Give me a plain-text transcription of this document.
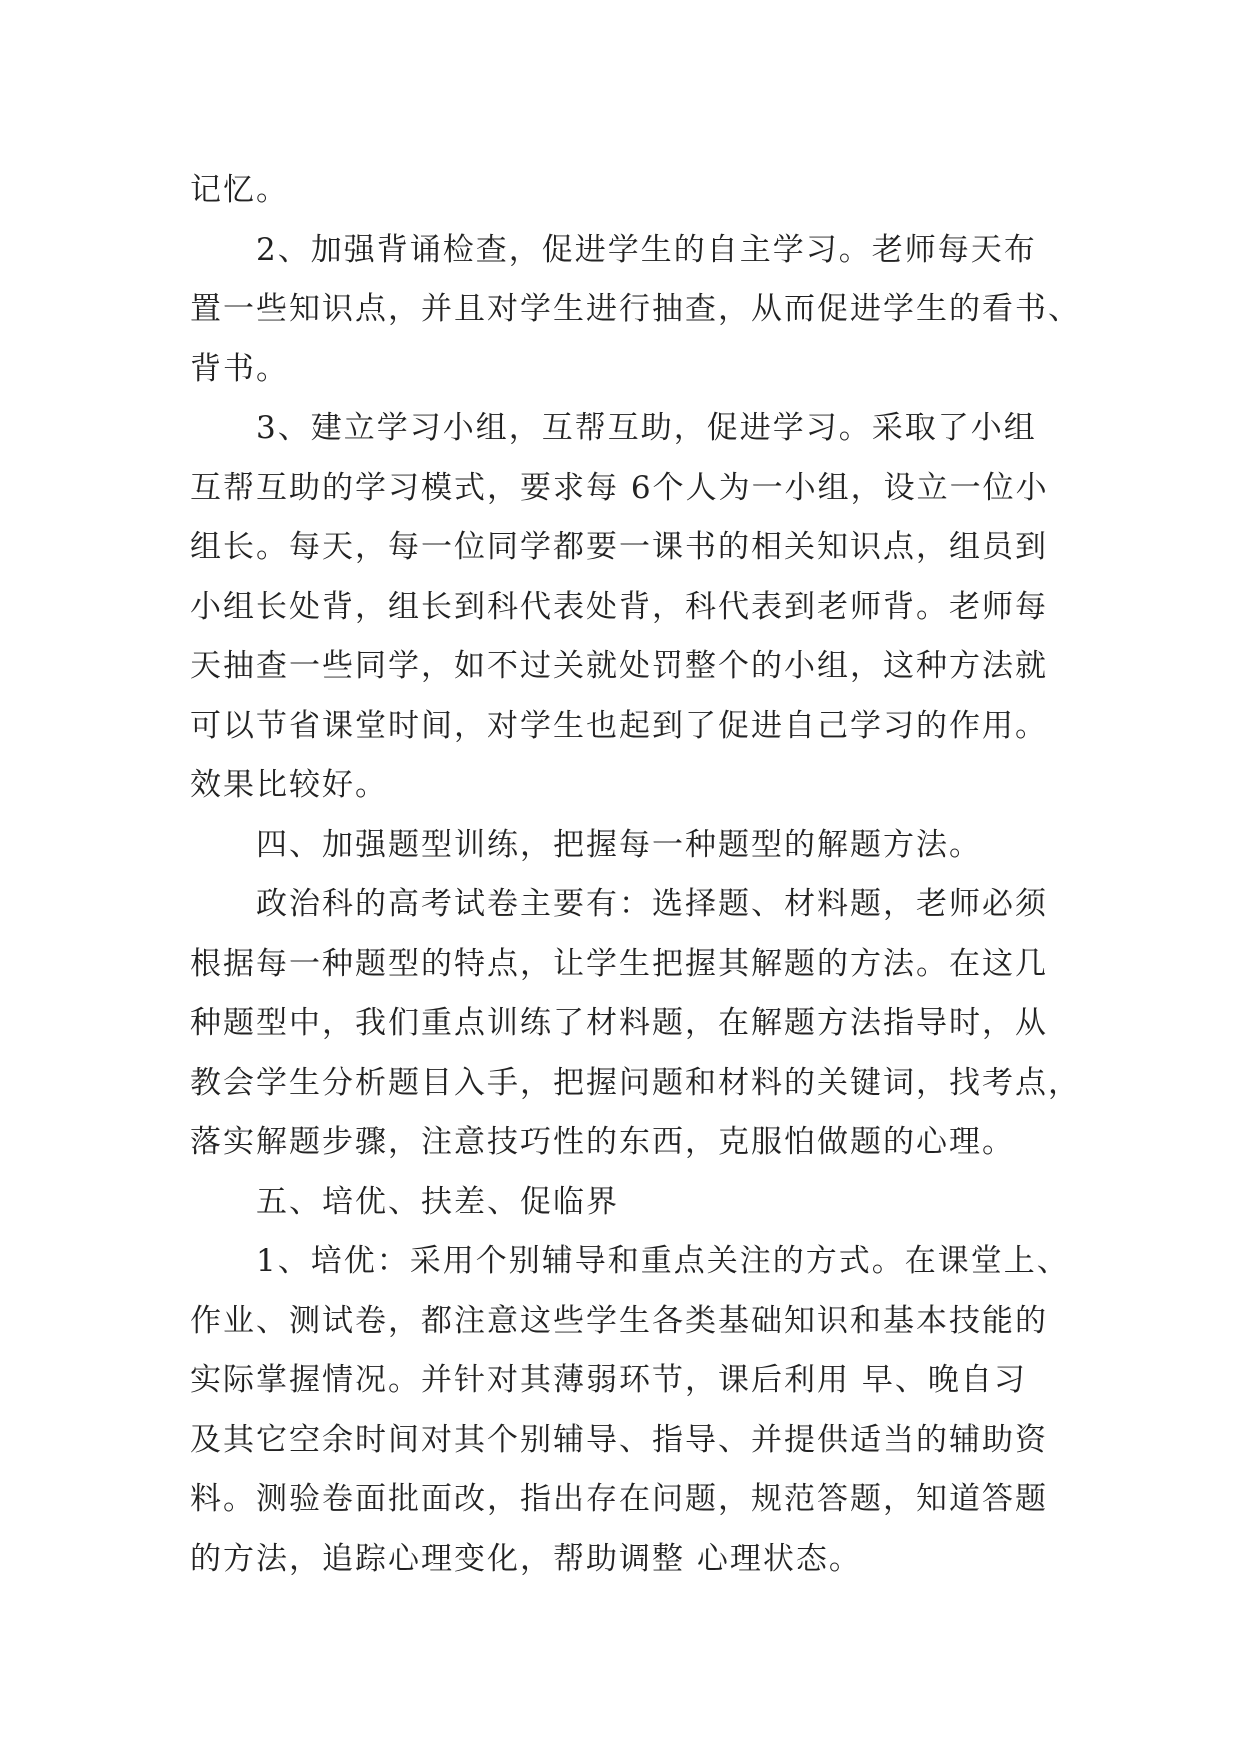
记忆。
2、加强背诵检查，促进学生的自主学习。老师每天布
置一些知识点，并且对学生进行抽查，从而促进学生的看书、
背书。
3、建立学习小组，互帮互助，促进学习。采取了小组
互帮互助的学习模式，要求每 6个人为一小组，设立一位小
组长。每天，每一位同学都要一课书的相关知识点，组员到
小组长处背，组长到科代表处背，科代表到老师背。老师每
天抽查一些同学，如不过关就处罚整个的小组，这种方法就
可以节省课堂时间，对学生也起到了促进自己学习的作用。
效果比较好。
四、加强题型训练，把握每一种题型的解题方法。
政治科的高考试卷主要有：选择题、材料题，老师必须
根据每一种题型的特点，让学生把握其解题的方法。在这几
种题型中，我们重点训练了材料题，在解题方法指导时，从
教会学生分析题目入手，把握问题和材料的关键词，找考点，
落实解题步骤，注意技巧性的东西，克服怕做题的心理。
五、培优、扶差、促临界
1、培优：采用个别辅导和重点关注的方式。在课堂上、
作业、测试卷，都注意这些学生各类基础知识和基本技能的
实际掌握情况。并针对其薄弱环节，课后利用 早、晚自习
及其它空余时间对其个别辅导、指导、并提供适当的辅助资
料。测验卷面批面改，指出存在问题，规范答题，知道答题
的方法，追踪心理变化，帮助调整 心理状态。
